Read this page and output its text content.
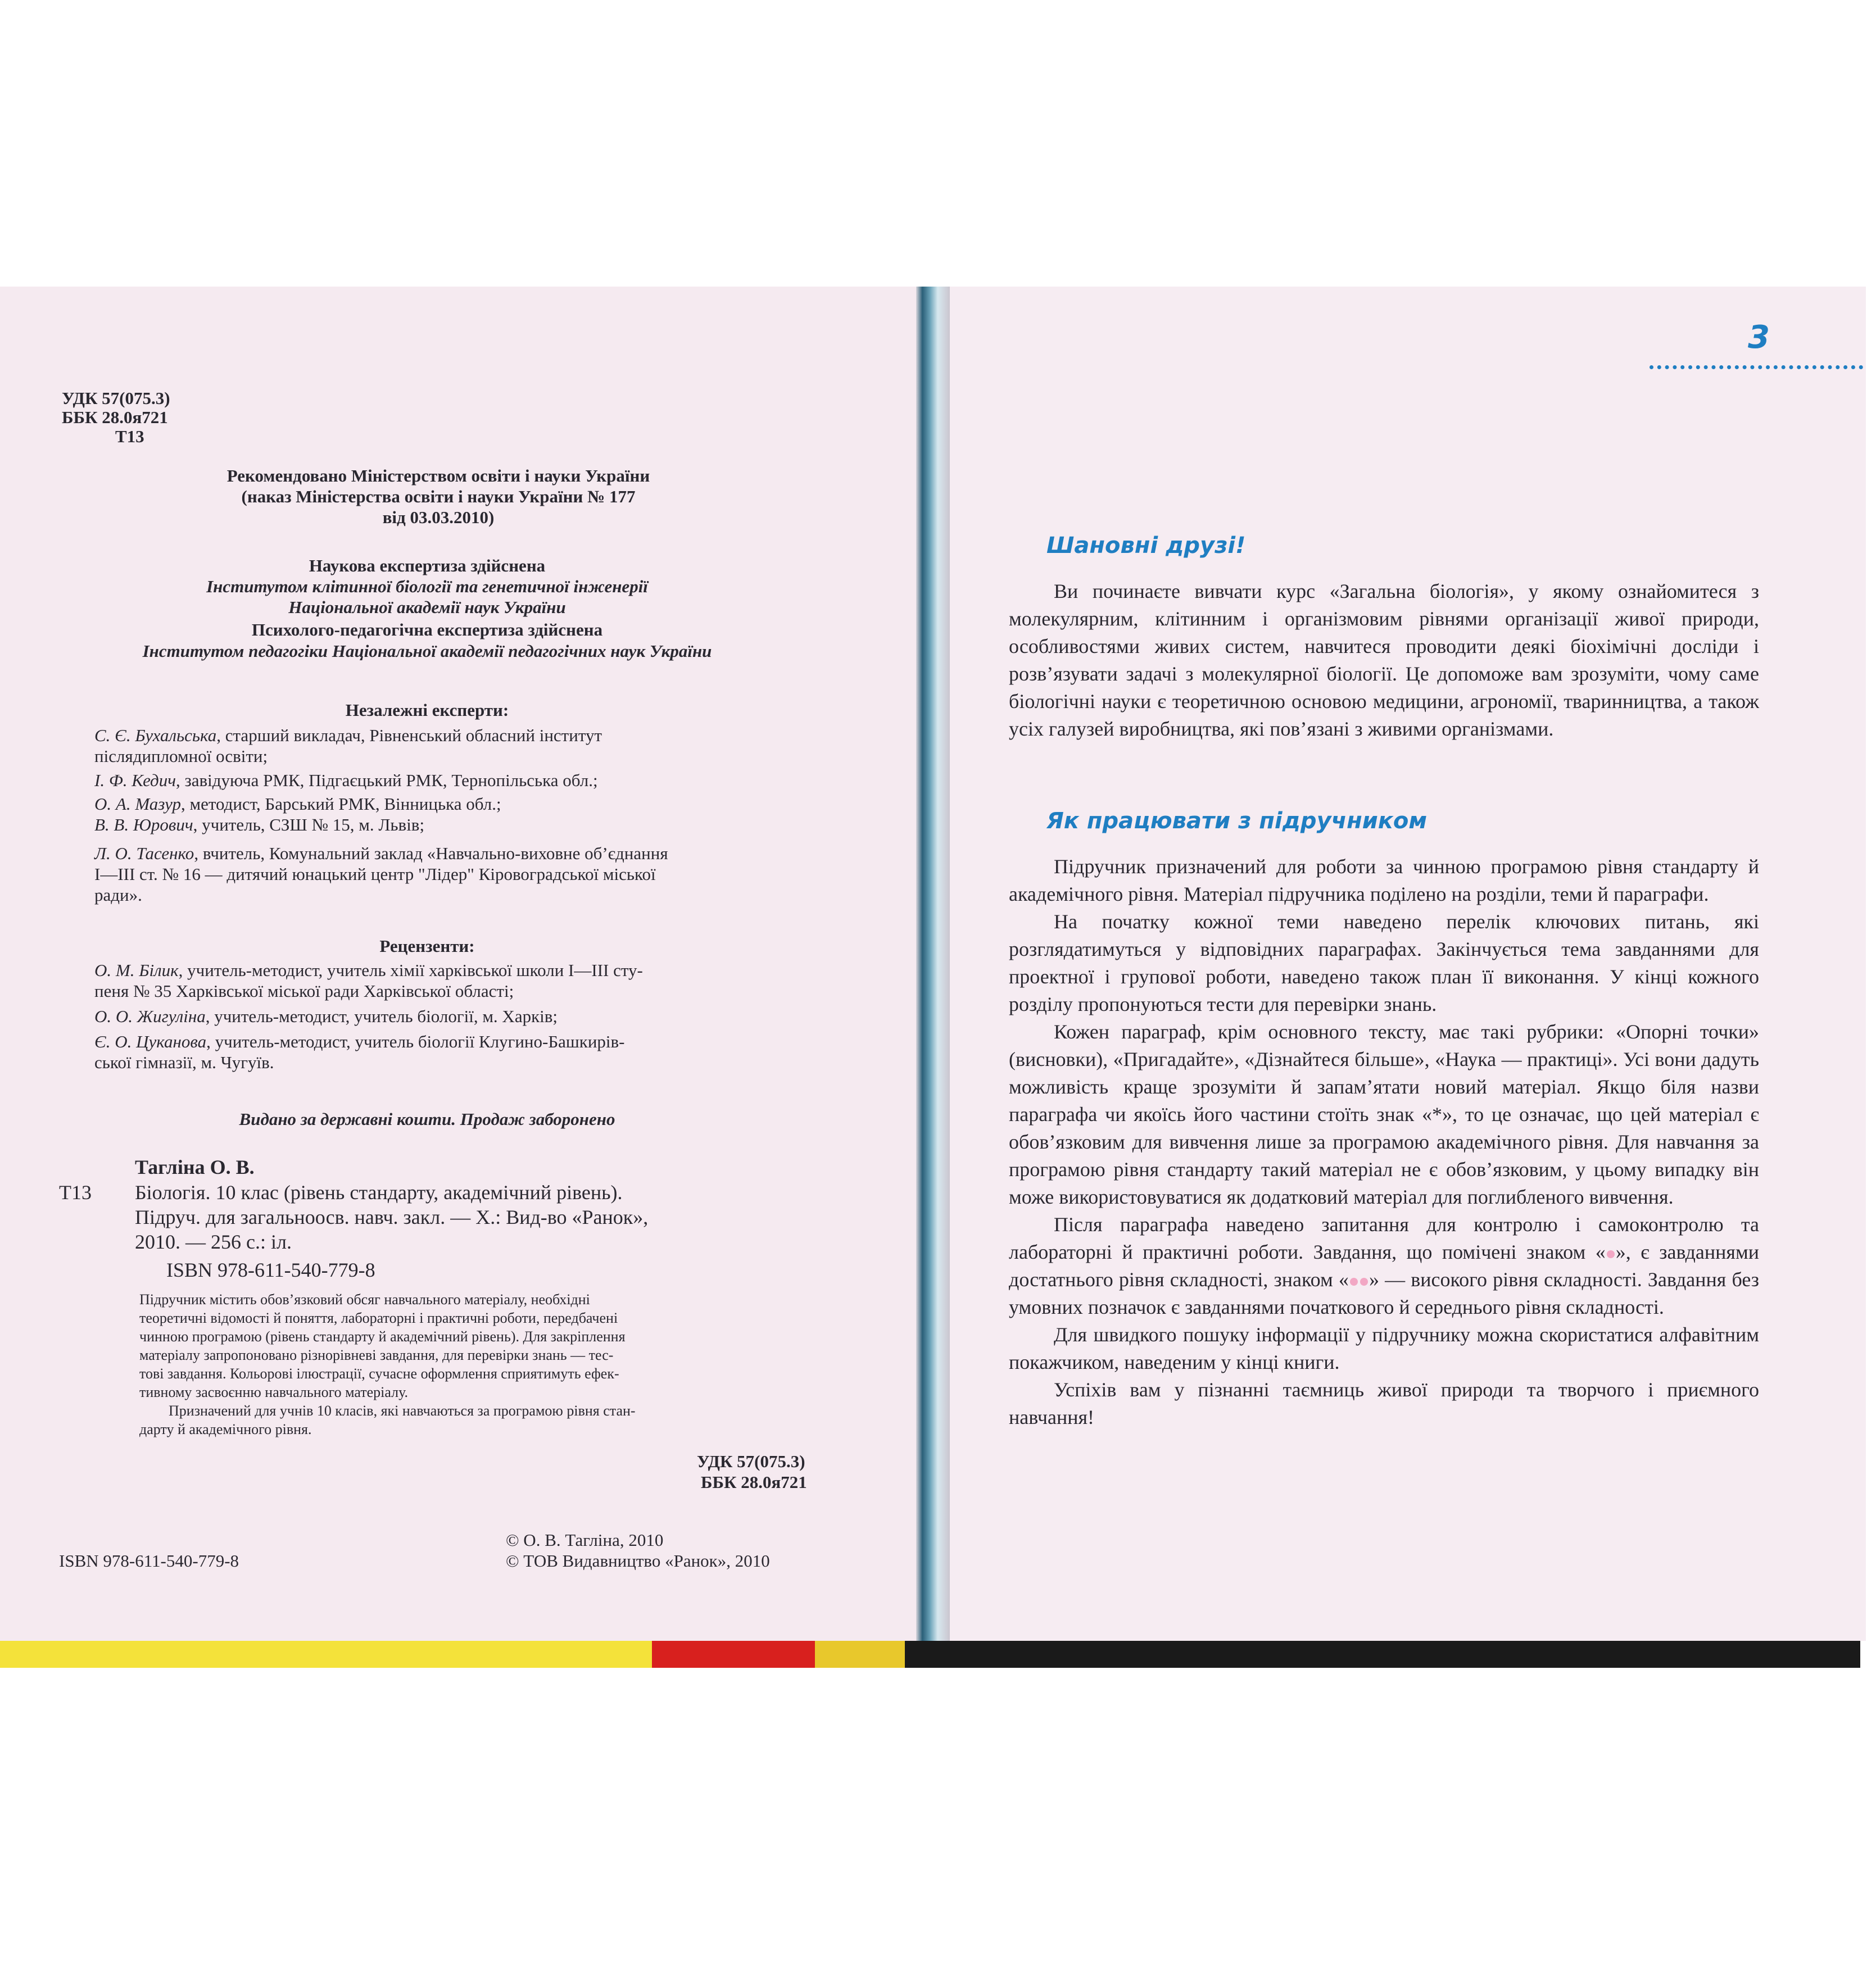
УДК 57(075.3)
ББК 28.0я721
Т13
Рекомендовано Міністерством освіти і науки України
(наказ Міністерства освіти і науки України № 177
від 03.03.2010)
Наукова експертиза здійснена
Інститутом клітинної біології та генетичної інженерії
Національної академії наук України
Психолого-педагогічна експертиза здійснена
Інститутом педагогіки Національної академії педагогічних наук України
Незалежні експерти:
С. Є. Бухальська, старший викладач, Рівненський обласний інститут
післядипломної освіти;
І. Ф. Кедич, завідуюча РМК, Підгаєцький РМК, Тернопільська обл.;
О. А. Мазур, методист, Барський РМК, Вінницька обл.;
В. В. Юрович, учитель, СЗШ № 15, м. Львів;
Л. О. Тасенко, вчитель, Комунальний заклад «Навчально-виховне об’єднання
І—ІІІ ст. № 16 — дитячий юнацький центр "Лідер" Кіровоградської міської
ради».
Рецензенти:
О. М. Білик, учитель-методист, учитель хімії харківської школи І—ІІІ сту-
пеня № 35 Харківської міської ради Харківської області;
О. О. Жигуліна, учитель-методист, учитель біології, м. Харків;
Є. О. Цуканова, учитель-методист, учитель біології Клугино-Башкирів-
ської гімназії, м. Чугуїв.
Видано за державні кошти. Продаж заборонено
Тагліна О. В.
Т13 Біологія. 10 клас (рівень стандарту, академічний рівень).
Підруч. для загальноосв. навч. закл. — Х.: Вид-во «Ранок»,
2010. — 256 с.: іл.
ISBN 978-611-540-779-8
Підручник містить обов’язковий обсяг навчального матеріалу, необхідні
теоретичні відомості й поняття, лабораторні і практичні роботи, передбачені
чинною програмою (рівень стандарту й академічний рівень). Для закріплення
матеріалу запропоновано різнорівневі завдання, для перевірки знань — тес-
тові завдання. Кольорові ілюстрації, сучасне оформлення сприятимуть ефек-
тивному засвоєнню навчального матеріалу.
Призначений для учнів 10 класів, які навчаються за програмою рівня стан-
дарту й академічного рівня.
УДК 57(075.3)
ББК 28.0я721
© О. В. Тагліна, 2010
© ТОВ Видавництво «Ранок», 2010
ISBN 978-611-540-779-8
3
Шановні друзі!

Ви починаєте вивчати курс «Загальна біологія», у якому ознайомитеся з молекулярним, клітинним і організмовим рівнями організації живої природи, особливостями живих систем, навчитеся проводити деякі біохімічні досліди і розв’язувати задачі з молекулярної біології. Це допоможе вам зрозуміти, чому саме біологічні науки є теоретичною основою медицини, агрономії, тваринництва, а також усіх галузей виробництва, які пов’язані з живими організмами.

Як працювати з підручником

Підручник призначений для роботи за чинною програмою рівня стандарту й академічного рівня. Матеріал підручника поділено на розділи, теми й параграфи.

На початку кожної теми наведено перелік ключових питань, які розглядатимуться у відповідних параграфах. Закінчується тема завданнями для проектної і групової роботи, наведено також план її виконання. У кінці кожного розділу пропонуються тести для перевірки знань.

Кожен параграф, крім основного тексту, має такі рубрики: «Опорні точки» (висновки), «Пригадайте», «Дізнайтеся більше», «Наука — практиці». Усі вони дадуть можливість краще зрозуміти й запам’ятати новий матеріал. Якщо біля назви параграфа чи якоїсь його частини стоїть знак «*», то це означає, що цей матеріал є обов’язковим для вивчення лише за програмою академічного рівня. Для навчання за програмою рівня стандарту такий матеріал не є обов’язковим, у цьому випадку він може використовуватися як додатковий матеріал для поглибленого вивчення.

Після параграфа наведено запитання для контролю і самоконтролю та лабораторні й практичні роботи. Завдання, що помічені знаком « », є завданнями достатнього рівня складності, знаком « » — високого рівня складності. Завдання без умовних позначок є завданнями початкового й середнього рівня складності.

Для швидкого пошуку інформації у підручнику можна скористатися алфавітним покажчиком, наведеним у кінці книги.

Успіхів вам у пізнанні таємниць живої природи та творчого і приємного навчання!
